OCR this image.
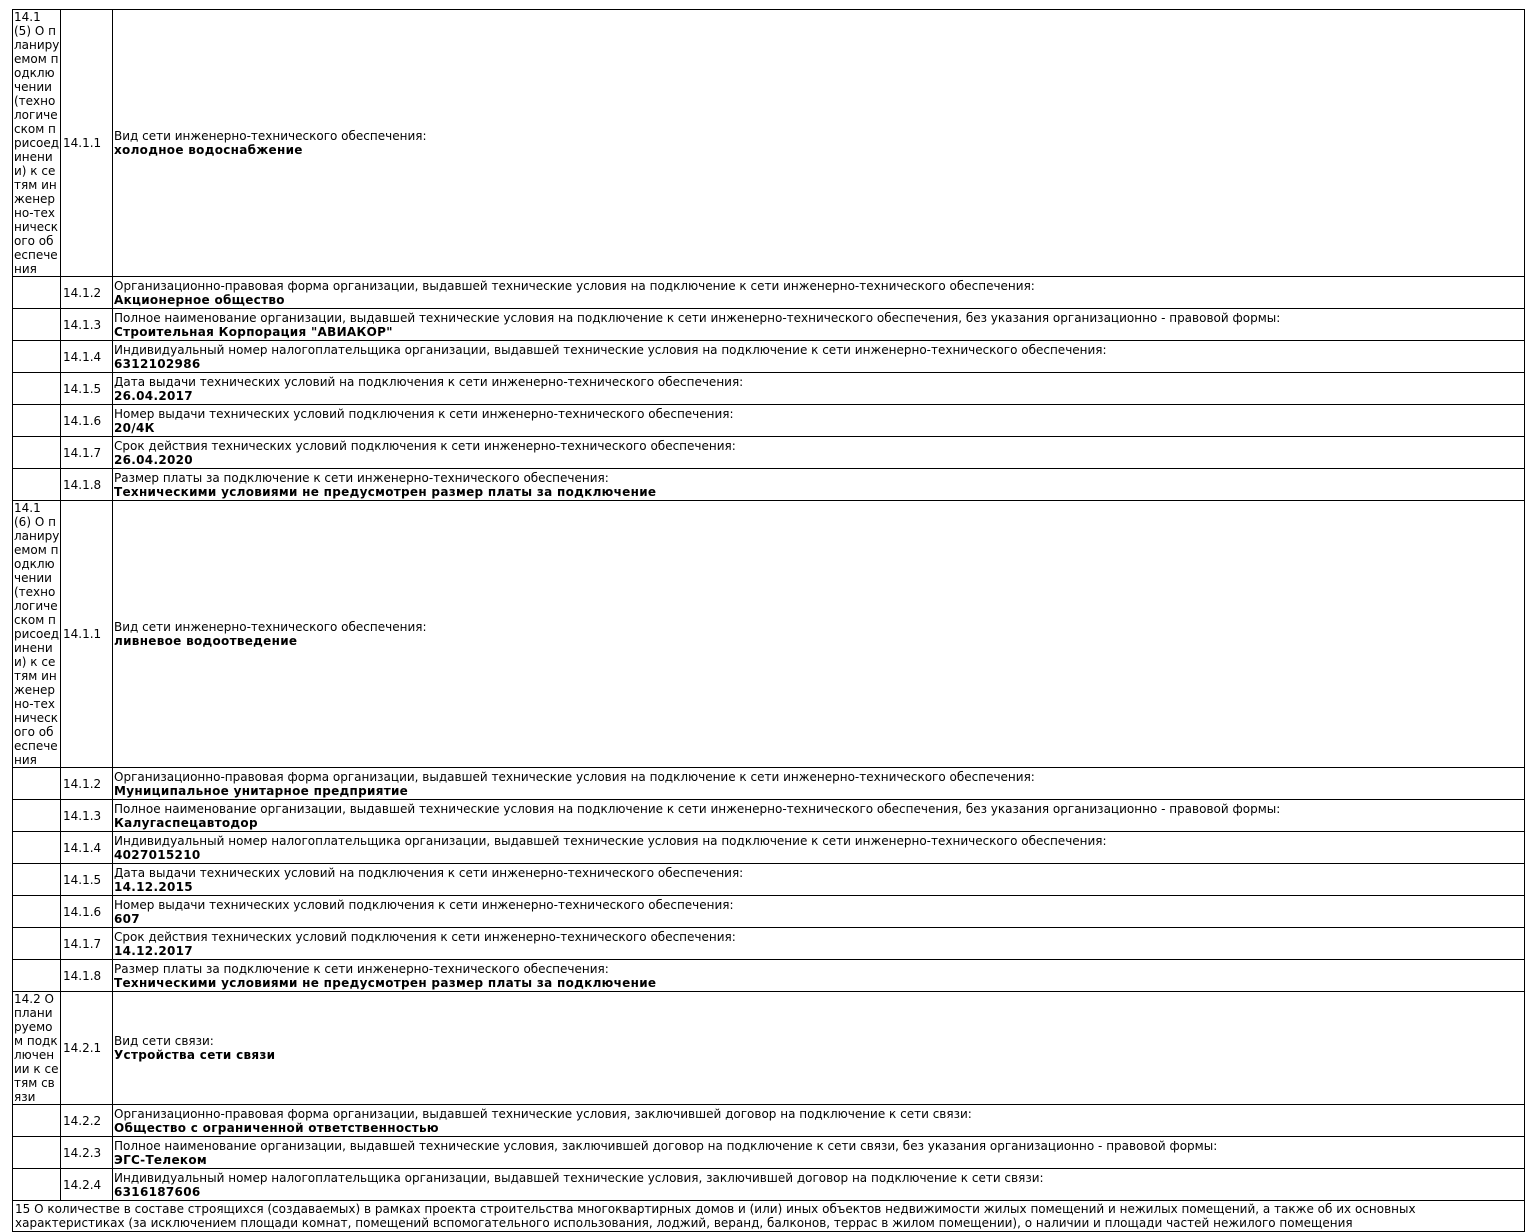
14.1 (5) О планируемом подключении (технологическом присоединении) к сетям инженерно-технического обеспечения	14.1.1	Вид сети инженерно-технического обеспечения:
холодное водоснабжение

	14.1.2	Организационно-правовая форма организации, выдавшей технические условия на подключение к сети инженерно-технического обеспечения:
Акционерное общество

	14.1.3	Полное наименование организации, выдавшей технические условия на подключение к сети инженерно-технического обеспечения, без указания организационно - правовой формы:
Строительная Корпорация "АВИАКОР"

	14.1.4	Индивидуальный номер налогоплательщика организации, выдавшей технические условия на подключение к сети инженерно-технического обеспечения:
6312102986

	14.1.5	Дата выдачи технических условий на подключения к сети инженерно-технического обеспечения:
26.04.2017

	14.1.6	Номер выдачи технических условий подключения к сети инженерно-технического обеспечения:
20/4К

	14.1.7	Срок действия технических условий подключения к сети инженерно-технического обеспечения:
26.04.2020

	14.1.8	Размер платы за подключение к сети инженерно-технического обеспечения:
Техническими условиями не предусмотрен размер платы за подключение

14.1 (6) О планируемом подключении (технологическом присоединении) к сетям инженерно-технического обеспечения	14.1.1	Вид сети инженерно-технического обеспечения:
ливневое водоотведение

	14.1.2	Организационно-правовая форма организации, выдавшей технические условия на подключение к сети инженерно-технического обеспечения:
Муниципальное унитарное предприятие

	14.1.3	Полное наименование организации, выдавшей технические условия на подключение к сети инженерно-технического обеспечения, без указания организационно - правовой формы:
Калугаспецавтодор

	14.1.4	Индивидуальный номер налогоплательщика организации, выдавшей технические условия на подключение к сети инженерно-технического обеспечения:
4027015210

	14.1.5	Дата выдачи технических условий на подключения к сети инженерно-технического обеспечения:
14.12.2015

	14.1.6	Номер выдачи технических условий подключения к сети инженерно-технического обеспечения:
607

	14.1.7	Срок действия технических условий подключения к сети инженерно-технического обеспечения:
14.12.2017

	14.1.8	Размер платы за подключение к сети инженерно-технического обеспечения:
Техническими условиями не предусмотрен размер платы за подключение

14.2 О планируемом подключении к сетям связи	14.2.1	Вид сети связи:
Устройства сети связи

	14.2.2	Организационно-правовая форма организации, выдавшей технические условия, заключившей договор на подключение к сети связи:
Общество с ограниченной ответственностью

	14.2.3	Полное наименование организации, выдавшей технические условия, заключившей договор на подключение к сети связи, без указания организационно - правовой формы:
ЭГС-Телеком

	14.2.4	Индивидуальный номер налогоплательщика организации, выдавшей технические условия, заключившей договор на подключение к сети связи:
6316187606

15 О количестве в составе строящихся (создаваемых) в рамках проекта строительства многоквартирных домов и (или) иных объектов недвижимости жилых помещений и нежилых помещений, а также об их основных характеристиках (за исключением площади комнат, помещений вспомогательного использования, лоджий, веранд, балконов, террас в жилом помещении), о наличии и площади частей нежилого помещения		
